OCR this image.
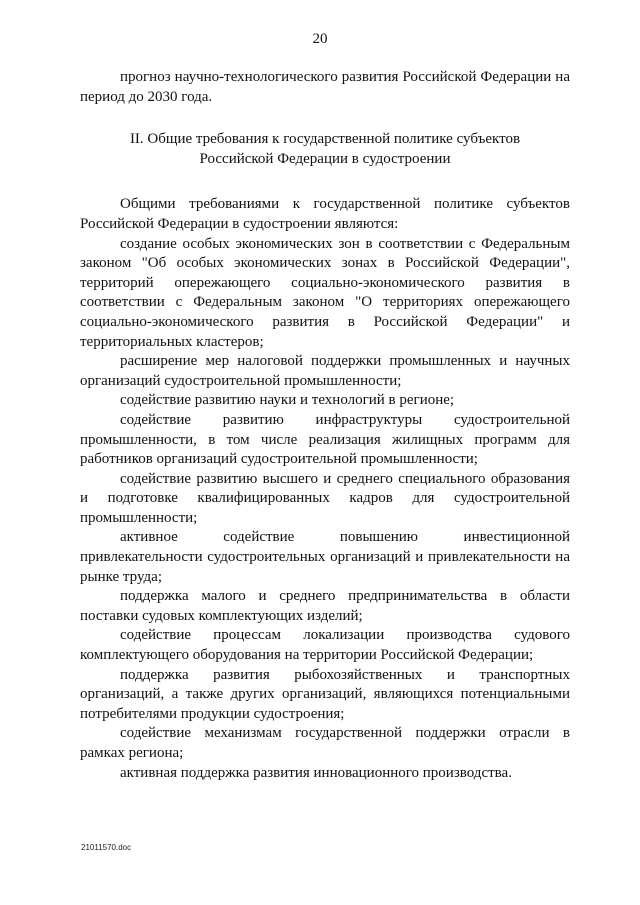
20

прогноз научно-технологического развития Российской Федерации на период до 2030 года.

II. Общие требования к государственной политике субъектов
Российской Федерации в судостроении

Общими требованиями к государственной политике субъектов Российской Федерации в судостроении являются:

создание особых экономических зон в соответствии с Федеральным законом "Об особых экономических зонах в Российской Федерации", территорий опережающего социально-экономического развития в соответствии с Федеральным законом "О территориях опережающего социально-экономического развития в Российской Федерации" и территориальных кластеров;

расширение мер налоговой поддержки промышленных и научных организаций судостроительной промышленности;

содействие развитию науки и технологий в регионе;

содействие развитию инфраструктуры судостроительной промышленности, в том числе реализация жилищных программ для работников организаций судостроительной промышленности;

содействие развитию высшего и среднего специального образования и подготовке квалифицированных кадров для судостроительной промышленности;

активное содействие повышению инвестиционной привлекательности судостроительных организаций и привлекательности на рынке труда;

поддержка малого и среднего предпринимательства в области поставки судовых комплектующих изделий;

содействие процессам локализации производства судового комплектующего оборудования на территории Российской Федерации;

поддержка развития рыбохозяйственных и транспортных организаций, а также других организаций, являющихся потенциальными потребителями продукции судостроения;

содействие механизмам государственной поддержки отрасли в рамках региона;

активная поддержка развития инновационного производства.

21011570.doc
